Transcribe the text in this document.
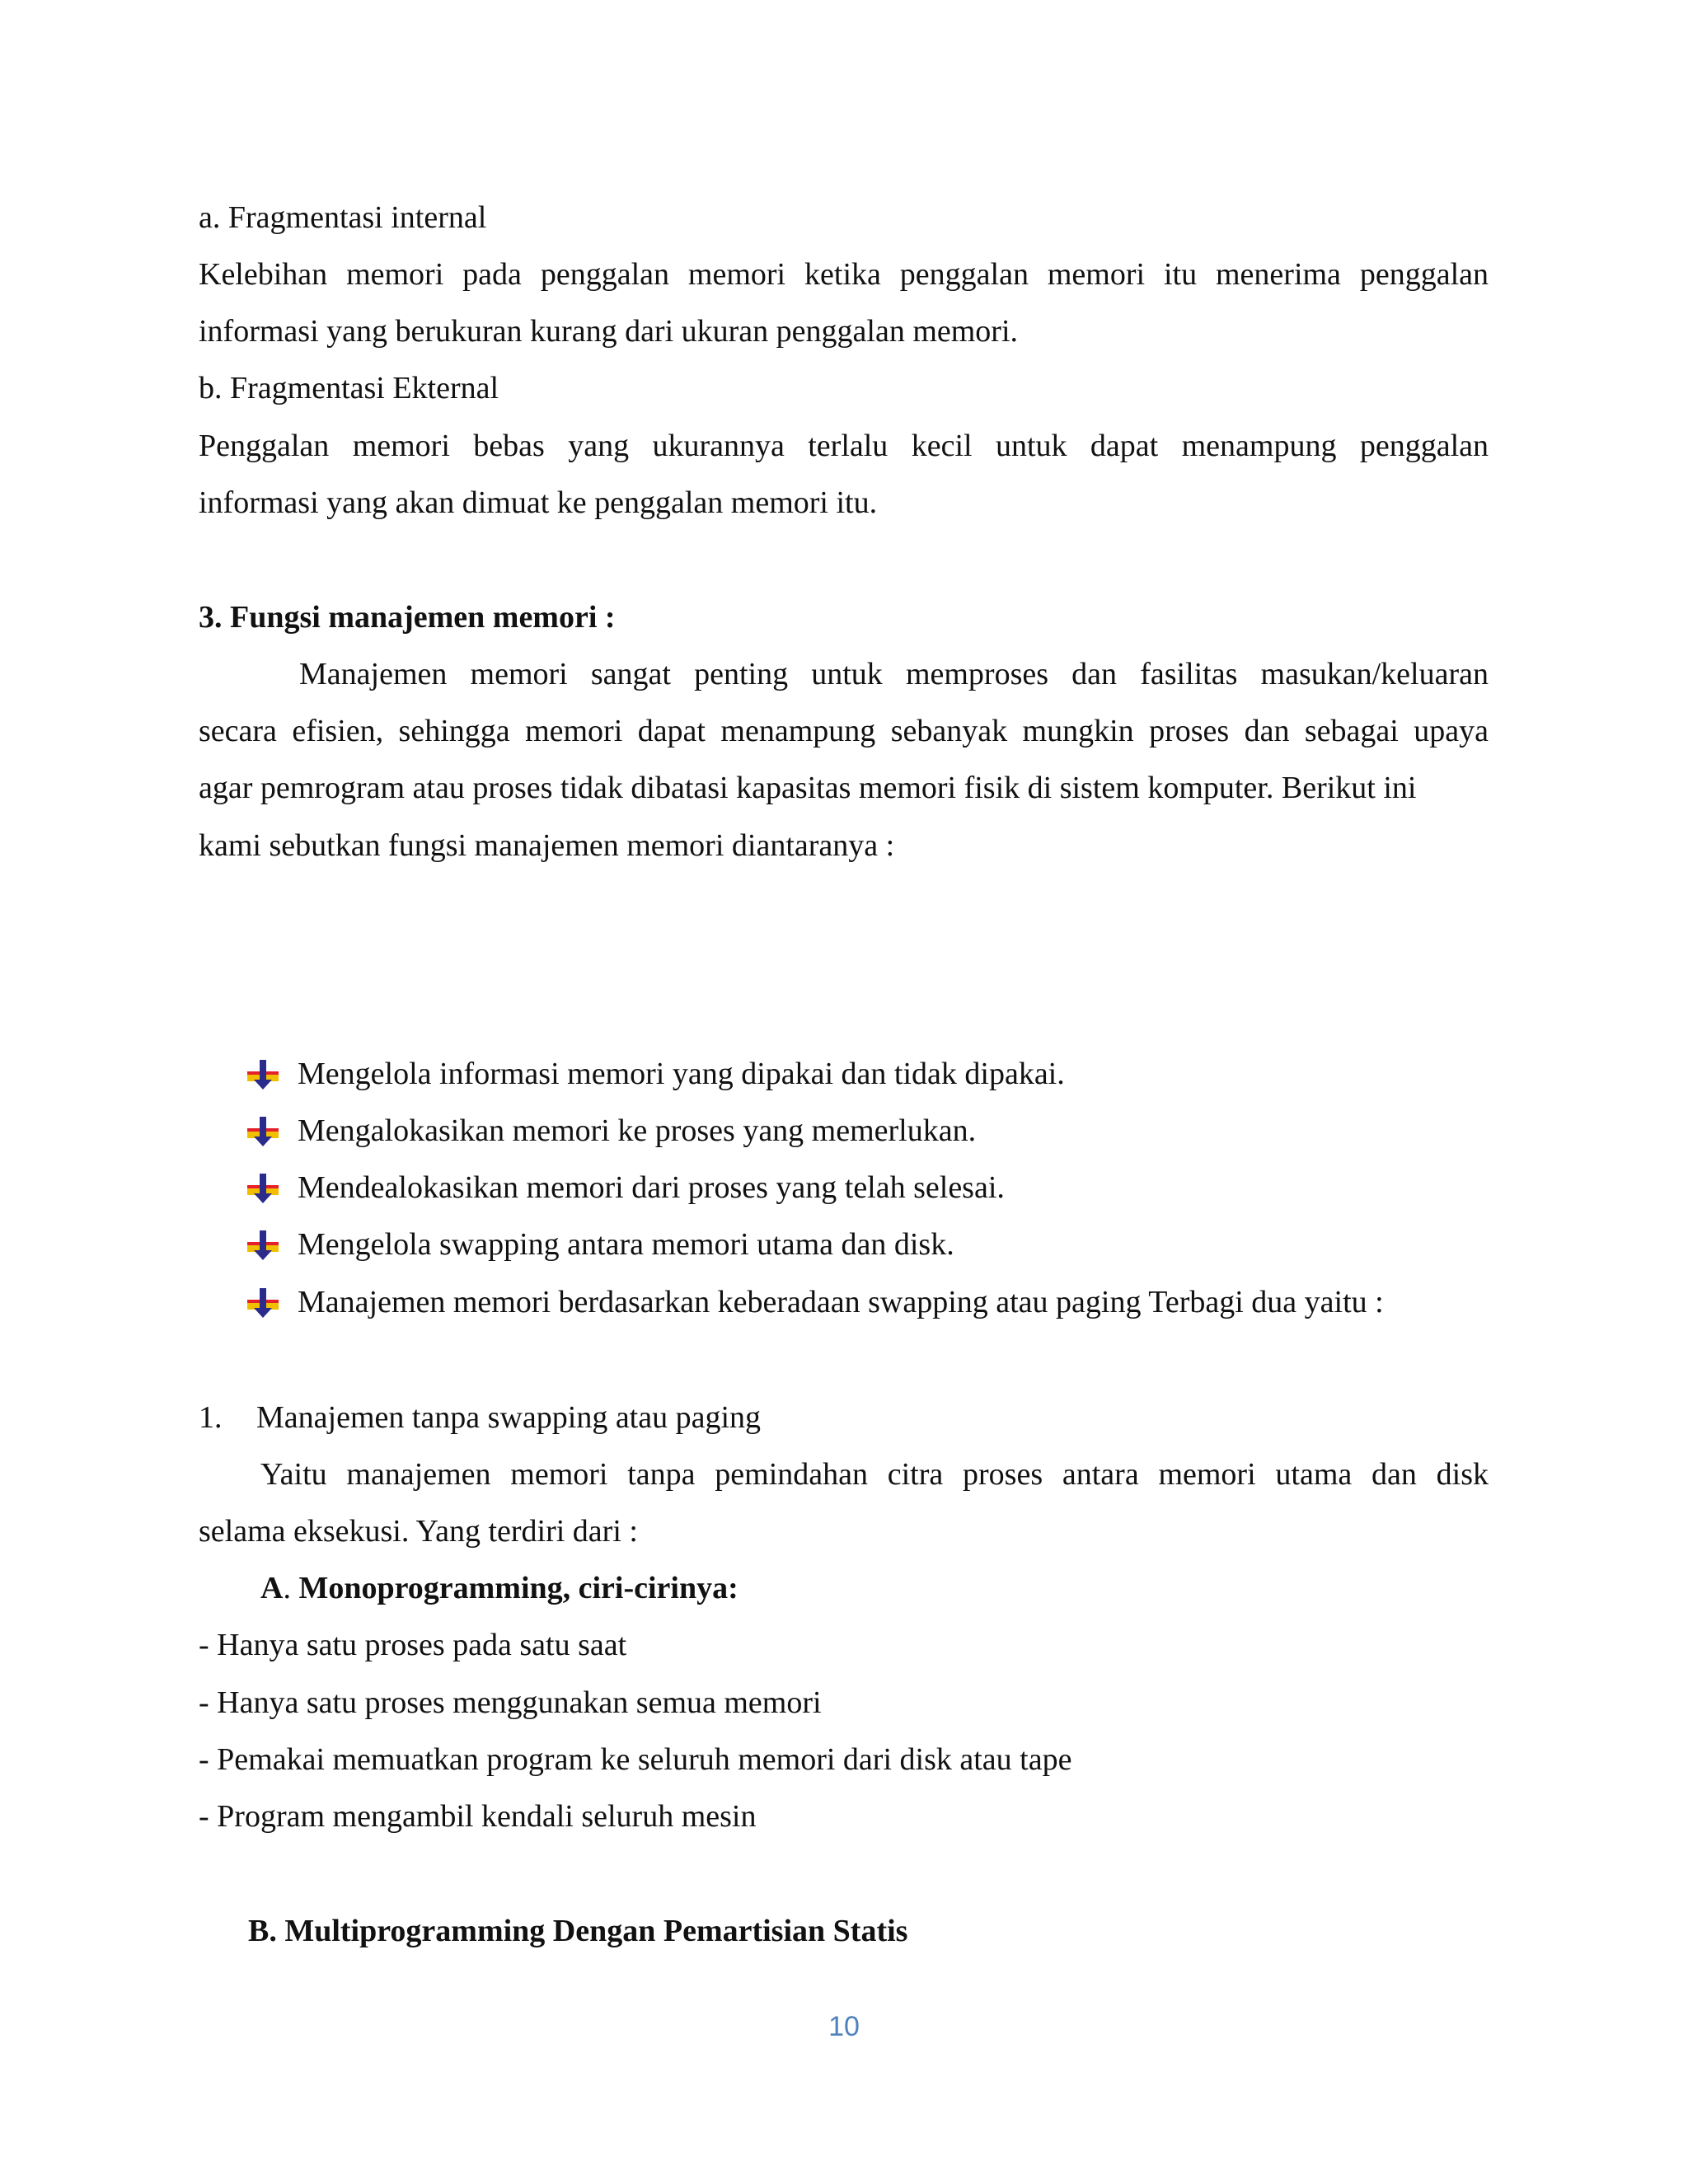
a. Fragmentasi internal
Kelebihan memori pada penggalan memori ketika penggalan memori itu menerima penggalan
informasi yang berukuran kurang dari ukuran penggalan memori.
b. Fragmentasi Ekternal
Penggalan memori bebas yang ukurannya terlalu kecil untuk dapat menampung penggalan
informasi yang akan dimuat ke penggalan memori itu.
3. Fungsi manajemen memori :
Manajemen memori sangat penting untuk memproses dan fasilitas masukan/keluaran
secara efisien, sehingga memori dapat menampung sebanyak mungkin proses dan sebagai upaya
agar pemrogram atau proses tidak dibatasi kapasitas memori fisik di sistem komputer. Berikut ini
kami sebutkan fungsi manajemen memori diantaranya :
Mengelola informasi memori yang dipakai dan tidak dipakai.
Mengalokasikan memori ke proses yang memerlukan.
Mendealokasikan memori dari proses yang telah selesai.
Mengelola swapping antara memori utama dan disk.
Manajemen memori berdasarkan keberadaan swapping atau paging Terbagi dua yaitu :
1.	Manajemen tanpa swapping atau paging
Yaitu manajemen memori tanpa pemindahan citra proses antara memori utama dan disk
selama eksekusi. Yang terdiri dari :
A. Monoprogramming, ciri-cirinya:
- Hanya satu proses pada satu saat
- Hanya satu proses menggunakan semua memori
- Pemakai memuatkan program ke seluruh memori dari disk atau tape
- Program mengambil kendali seluruh mesin
B. Multiprogramming Dengan Pemartisian Statis
10
